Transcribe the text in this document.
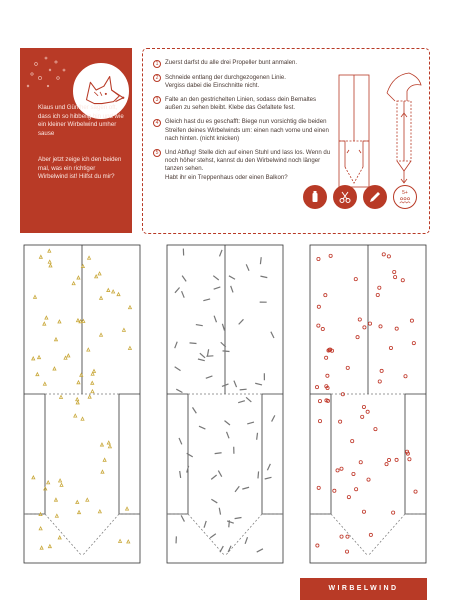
Klaus und Günther sagen oft, dass ich so hibbelig bin und wie ein kleiner Wirbelwind umher sause
Aber jetzt zeige ich den beiden mal, was ein richtiger Wirbelwind ist! Hilfst du mir?
1	Zuerst darfst du alle drei Propeller bunt anmalen.
2	Schneide entlang der durchgezogenen Linie.
Vergiss dabei die Einschnitte nicht.
3	Falte an den gestrichelten Linien, sodass dein Bemaltes außen zu sehen bleibt. Klebe das Gefaltete fest.
4	Gleich hast du es geschafft: Biege nun vorsichtig die beiden Streifen deines Wirbelwinds um: einen nach vorne und einen nach hinten. (nicht knicken)
5	Und Abflug! Stelle dich auf einen Stuhl und lass los. Wenn du noch höher stehst, kannst du den Wirbelwind noch länger tanzen sehen.
Habt ihr ein Treppenhaus oder einen Balkon?
5+
WIRBELWIND
